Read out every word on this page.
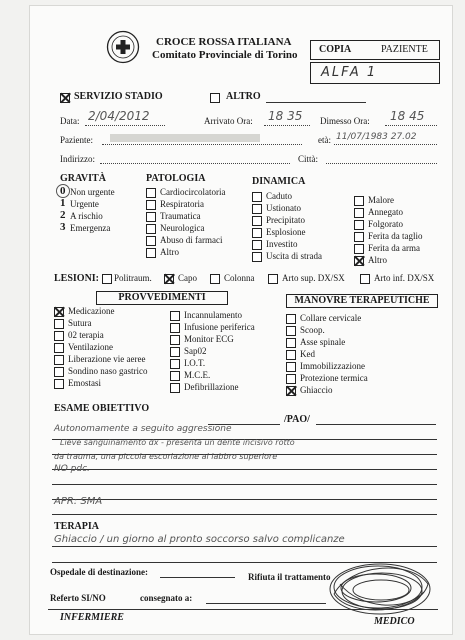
CROCE ROSSA ITALIANA
Comitato Provinciale di Torino COPIA	PAZIENTE
ALFA 1
SERVIZIO STADIO	ALTRO
Data: 2/04/2012	Arrivato Ora: 18 35 Dimesso Ora: 18 45
Paziente:	età: 11/07/1983 27.02
Indirizzo:	Città:
GRAVITÀ
0 Non urgente
1 Urgente
2 A rischio
3 Emergenza
PATOLOGIA
Cardiocircolatoria
Respiratoria
Traumatica
Neurologica
Abuso di farmaci
Altro
DINAMICA
Caduto
Ustionato
Precipitato
Esplosione
Investito
Uscita di strada
Malore
Annegato
Folgorato
Ferita da taglio
Ferita da arma
Altro
LESIONI: Politraum.	Capo	Colonna	Arto sup. DX/SX	Arto inf. DX/SX
PROVVEDIMENTI
Medicazione
Sutura
02 terapia
Ventilazione
Liberazione vie aeree
Sondino naso gastrico
Emostasi
Incannulamento
Infusione periferica
Monitor ECG
Sap02
I.O.T.
M.C.E.
Defibrillazione
MANOVRE TERAPEUTICHE
Collare cervicale
Scoop.
Asse spinale
Ked
Immobilizzazione
Protezione termica
Ghiaccio
ESAME OBIETTIVO
/PAO/
Autonomamente a seguito aggressione
Lieve sanguinamento dx - presenta un dente incisivo rotto
da trauma, una piccola escoriazione al labbro superiore
NO pdc.
APR: SMA
TERAPIA
Ghiaccio / un giorno al pronto soccorso salvo complicanze
Ospedale di destinazione:	Rifiuta il trattamento
Referto SI/NO	consegnato a:
INFERMIERE	MEDICO
